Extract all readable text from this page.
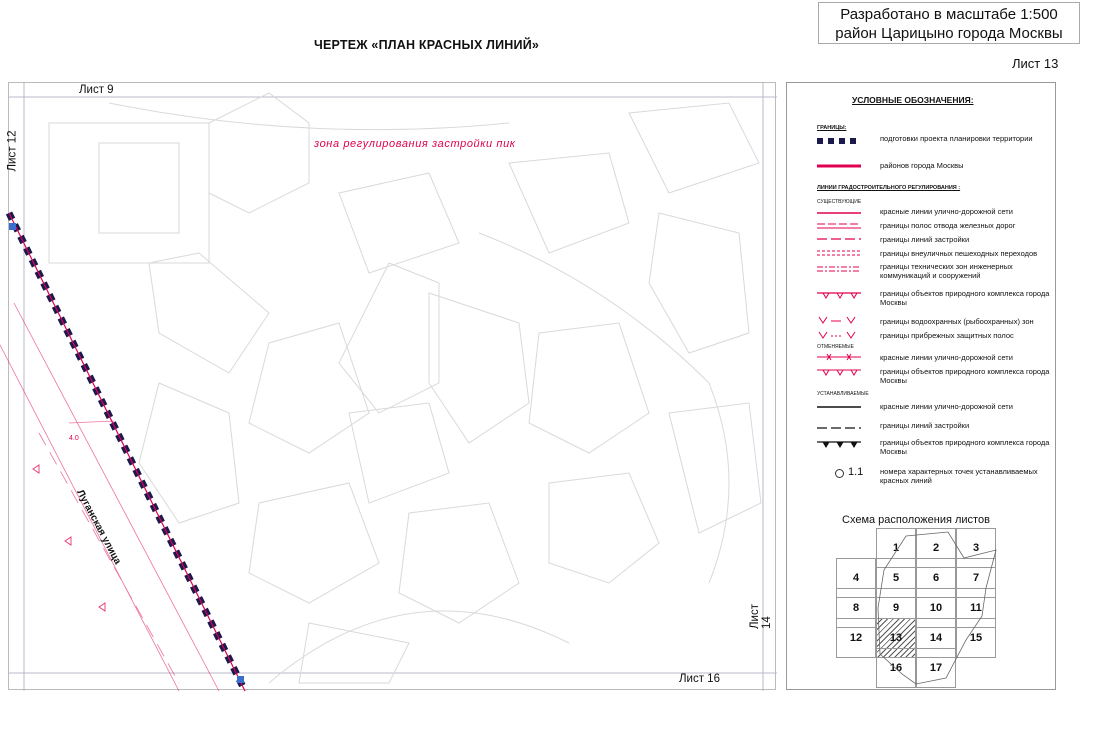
Разработано в масштабе 1:500
район Царицыно города Москвы
ЧЕРТЕЖ «ПЛАН КРАСНЫХ ЛИНИЙ»
Лист 13
Лист 9
Лист 12
Лист 14
Лист 16
зона регулирования застройки пик
Луганская улица
4.0
УСЛОВНЫЕ ОБОЗНАЧЕНИЯ:
ГРАНИЦЫ:
подготовки проекта планировки территории
районов города Москвы
ЛИНИИ ГРАДОСТРОИТЕЛЬНОГО РЕГУЛИРОВАНИЯ :
СУЩЕСТВУЮЩИЕ
красные линии улично-дорожной сети
границы полос отвода железных дорог
границы линий застройки
границы внеуличных пешеходных переходов
границы технических зон инженерных коммуникаций и сооружений
границы объектов природного комплекса города Москвы
границы водоохранных (рыбоохранных) зон
границы прибрежных защитных полос
ОТМЕНЯЕМЫЕ
красные линии улично-дорожной сети
границы объектов природного комплекса города Москвы
УСТАНАВЛИВАЕМЫЕ
красные линии улично-дорожной сети
границы линий застройки
границы объектов природного комплекса города Москвы
1.1 номера характерных точек устанавливаемых красных линий
Схема расположения листов
1	2	3
4	5	6	7
8	9	10	11
12	13	14	15
16	17
